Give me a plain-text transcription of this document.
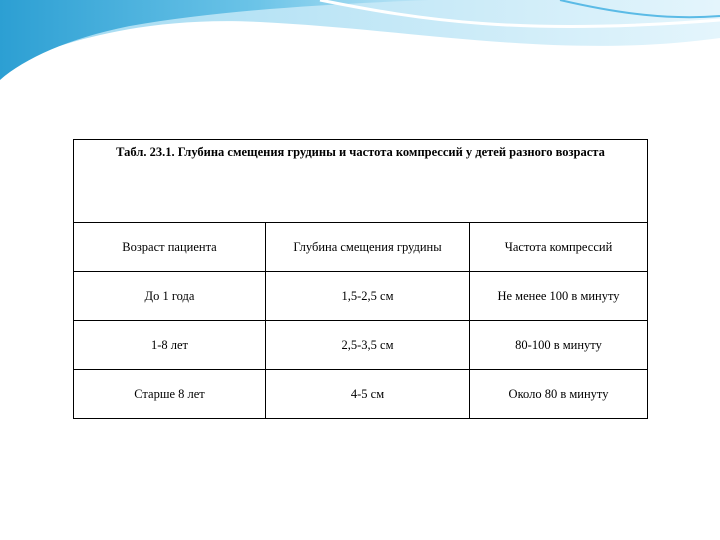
Табл. 23.1. Глубина смещения грудины и частота компрессий у детей разного возраста		
Возраст пациента	Глубина смещения грудины	Частота компрессий
До 1 года	1,5-2,5 см	Не менее 100 в минуту
1-8 лет	2,5-3,5 см	80-100 в минуту
Старше 8 лет	4-5 см	Около 80 в минуту
